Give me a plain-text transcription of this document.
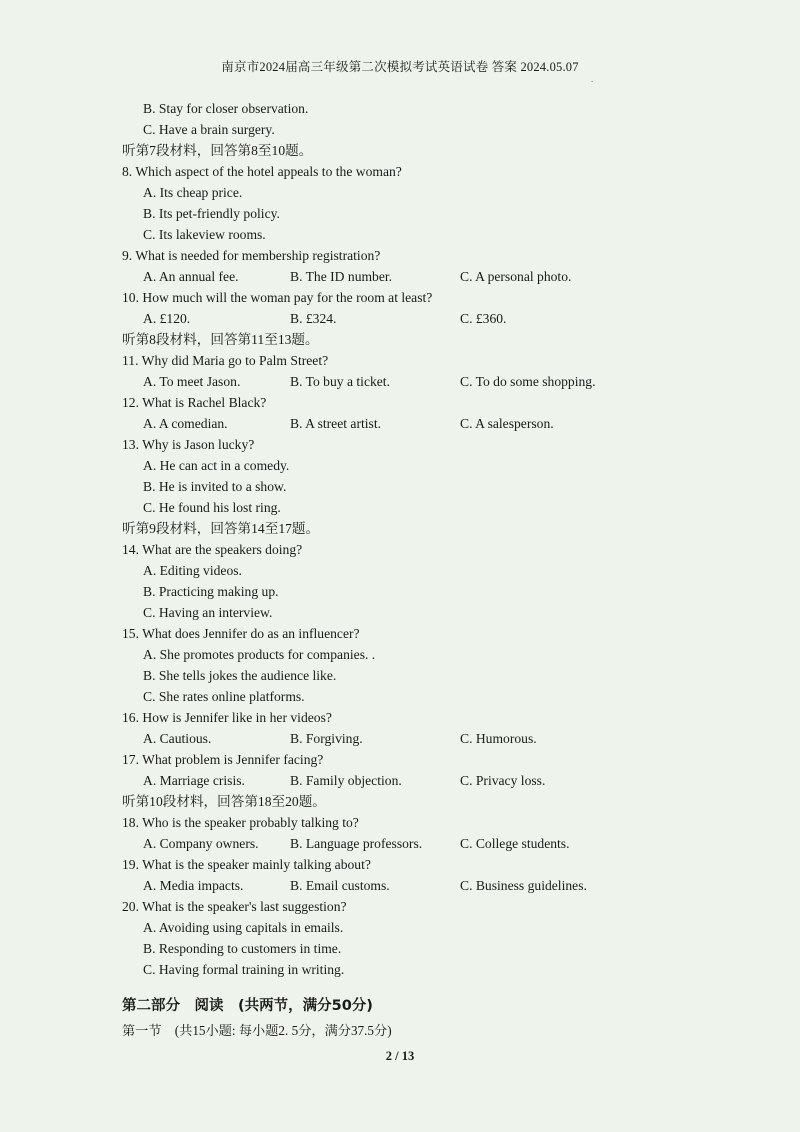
南京市2024届高三年级第二次模拟考试英语试卷 答案 2024.05.07
.
B. Stay for closer observation.
C. Have a brain surgery.
听第7段材料，回答第8至10题。
8. Which aspect of the hotel appeals to the woman?
A. Its cheap price.
B. Its pet-friendly policy.
C. Its lakeview rooms.
9. What is needed for membership registration?
A. An annual fee.	B. The ID number.	C. A personal photo.
10. How much will the woman pay for the room at least?
A. £120.	B. £324.	C. £360.
听第8段材料，回答第11至13题。
11. Why did Maria go to Palm Street?
A. To meet Jason.	B. To buy a ticket.	C. To do some shopping.
12. What is Rachel Black?
A. A comedian.	B. A street artist.	C. A salesperson.
13. Why is Jason lucky?
A. He can act in a comedy.
B. He is invited to a show.
C. He found his lost ring.
听第9段材料，回答第14至17题。
14. What are the speakers doing?
A. Editing videos.
B. Practicing making up.
C. Having an interview.
15. What does Jennifer do as an influencer?
A. She promotes products for companies. .
B. She tells jokes the audience like.
C. She rates online platforms.
16. How is Jennifer like in her videos?
A. Cautious.	B. Forgiving.	C. Humorous.
17. What problem is Jennifer facing?
A. Marriage crisis.	B. Family objection.	C. Privacy loss.
听第10段材料，回答第18至20题。
18. Who is the speaker probably talking to?
A. Company owners. B. Language professors.	C. College students.
19. What is the speaker mainly talking about?
A. Media impacts.	B. Email customs.	C. Business guidelines.
20. What is the speaker's last suggestion?
A. Avoiding using capitals in emails.
B. Responding to customers in time.
C. Having formal training in writing.
第二部分　阅读　(共两节，满分50分)
第一节　(共15小题: 每小题2. 5分，满分37.5分)
2 / 13
